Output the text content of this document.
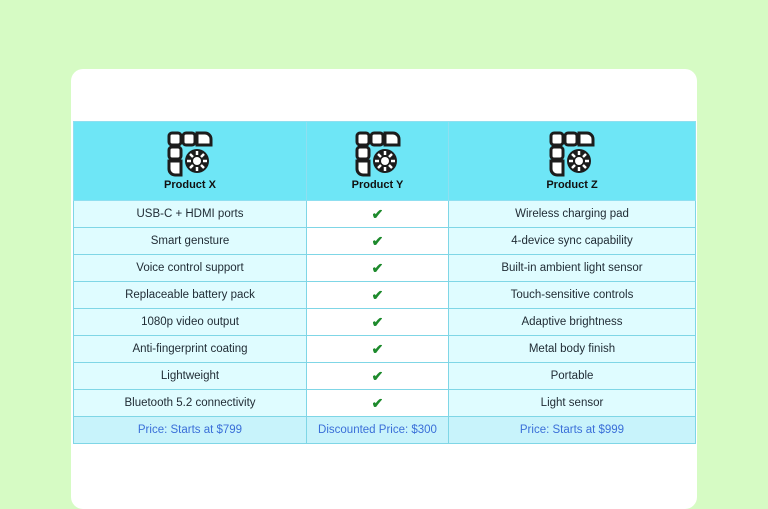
Product X	Product Y	Product Z

USB-C + HDMI ports	✔	Wireless charging pad
Smart gensture	✔	4-device sync capability
Voice control support	✔	Built-in ambient light sensor
Replaceable battery pack	✔	Touch-sensitive controls
1080p video output	✔	Adaptive brightness
Anti-fingerprint coating	✔	Metal body finish
Lightweight	✔	Portable
Bluetooth 5.2 connectivity	✔	Light sensor
Price: Starts at $799	Discounted Price: $300	Price: Starts at $999
